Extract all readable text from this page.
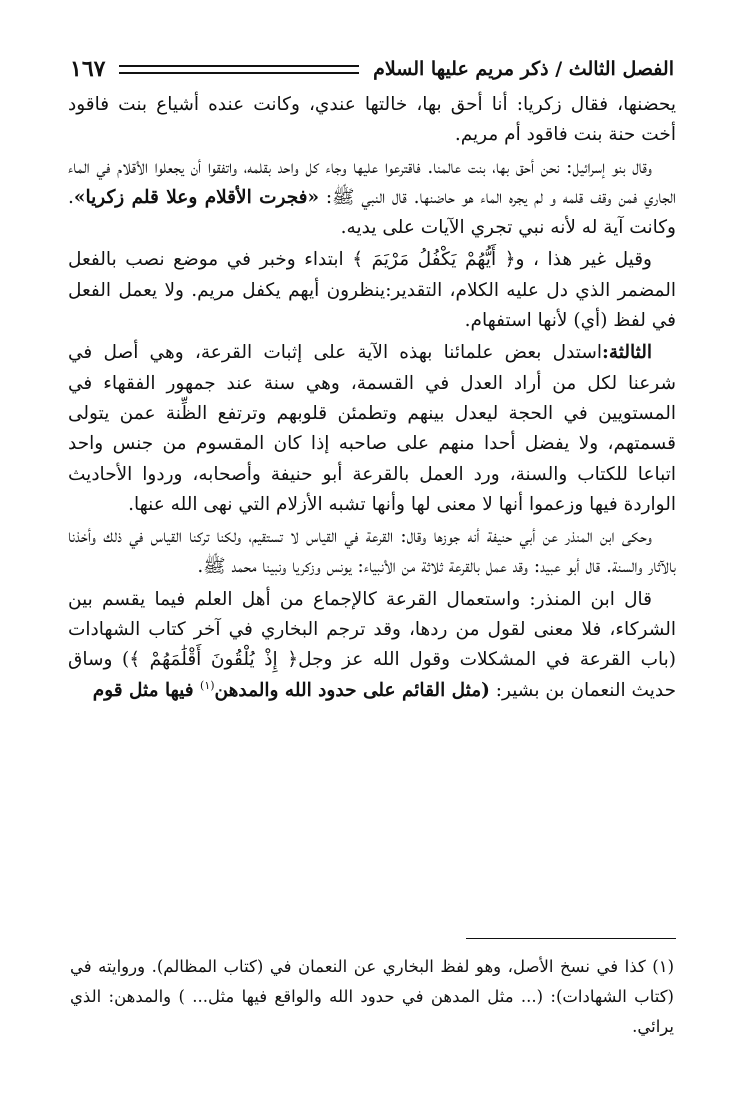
الفصل الثالث / ذكر مريم عليها السلام
١٦٧

يحضنها، فقال زكريا: أنا أحق بها، خالتها عندي، وكانت عنده أشياع بنت فاقود أخت حنة بنت فاقود أم مريم.

وقال بنو إسرائيل: نحن أحق بها، بنت عالمنا. فاقترعوا عليها وجاء كل واحد بقلمه، واتفقوا أن يجعلوا الأقلام في الماء الجاري فمن وقف قلمه و لم يجره الماء هو حاضنها. قال النبي ﷺ: «فجرت الأقلام وعلا قلم زكريا». وكانت آية له لأنه نبي تجري الآيات على يديه.

وقيل غير هذا ، و﴿ أَيُّهُمْ يَكْفُلُ مَرْيَمَ ﴾ ابتداء وخبر في موضع نصب بالفعل المضمر الذي دل عليه الكلام، التقدير:ينظرون أيهم يكفل مريم. ولا يعمل الفعل في لفظ (أي) لأنها استفهام.

الثالثة:استدل بعض علمائنا بهذه الآية على إثبات القرعة، وهي أصل في شرعنا لكل من أراد العدل في القسمة، وهي سنة عند جمهور الفقهاء في المستويين في الحجة ليعدل بينهم وتطمئن قلوبهم وترتفع الظِّنة عمن يتولى قسمتهم، ولا يفضل أحدا منهم على صاحبه إذا كان المقسوم من جنس واحد اتباعا للكتاب والسنة، ورد العمل بالقرعة أبو حنيفة وأصحابه، وردوا الأحاديث الواردة فيها وزعموا أنها لا معنى لها وأنها تشبه الأزلام التي نهى الله عنها.

وحكى ابن المنذر عن أبي حنيفة أنه جوزها وقال: القرعة في القياس لا تستقيم، ولكنا تركنا القياس في ذلك وأخذنا بالآثار والسنة. قال أبو عبيد: وقد عمل بالقرعة ثلاثة من الأنبياء: يونس وزكريا ونبينا محمد ﷺ.

قال ابن المنذر: واستعمال القرعة كالإجماع من أهل العلم فيما يقسم بين الشركاء، فلا معنى لقول من ردها، وقد ترجم البخاري في آخر كتاب الشهادات (باب القرعة في المشكلات وقول الله عز وجل﴿ إِذْ يُلْقُونَ أَقْلَٰمَهُمْ ﴾) وساق حديث النعمان بن بشير: (مثل القائم على حدود الله والمدهن$^{(١)}$ فيها مثل قوم

(١) كذا في نسخ الأصل، وهو لفظ البخاري عن النعمان في (كتاب المظالم). وروايته في (كتاب الشهادات): (... مثل المدهن في حدود الله والواقع فيها مثل... ) والمدهن: الذي يرائي.
